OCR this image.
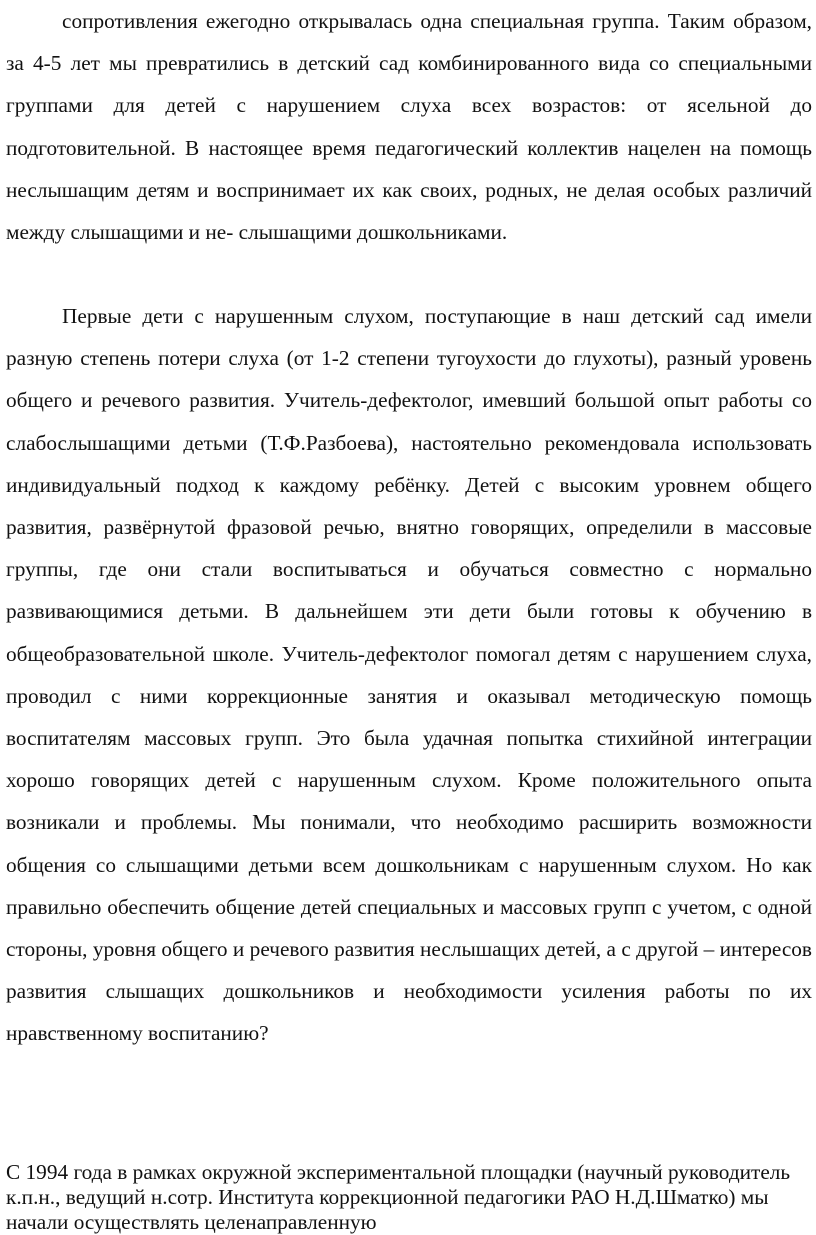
сопротивления ежегодно открывалась одна специальная группа. Таким образом, за 4-5 лет мы превратились в детский сад комбинированного вида со специальными группами для детей с нарушением слуха всех возрастов: от ясельной до подготовительной. В настоящее время педагогический коллектив нацелен на помощь неслышащим детям и воспринимает их как своих, родных, не делая особых различий между слышащими и не- слышащими дошкольниками.

Первые дети с нарушенным слухом, поступающие в наш детский сад имели разную степень потери слуха (от 1-2 степени тугоухости до глухоты), разный уровень общего и речевого развития. Учитель-дефектолог, имевший большой опыт работы со слабослышащими детьми (Т.Ф.Разбоева), настоятельно рекомендовала использовать индивидуальный подход к каждому ребёнку. Детей с высоким уровнем общего развития, развёрнутой фразовой речью, внятно говорящих, определили в массовые группы, где они стали воспитываться и обучаться совместно с нормально развивающимися детьми. В дальнейшем эти дети были готовы к обучению в общеобразовательной школе. Учитель-дефектолог помогал детям с нарушением слуха, проводил с ними коррекционные занятия и оказывал методическую помощь воспитателям массовых групп. Это была удачная попытка стихийной интеграции хорошо говорящих детей с нарушенным слухом. Кроме положительного опыта возникали и проблемы. Мы понимали, что необходимо расширить возможности общения со слышащими детьми всем дошкольникам с нарушенным слухом. Но как правильно обеспечить общение детей специальных и массовых групп с учетом, с одной стороны, уровня общего и речевого развития неслышащих детей, а с другой – интересов развития слышащих дошкольников и необходимости усиления работы по их нравственному воспитанию?

С 1994 года в рамках окружной экспериментальной площадки (научный руководитель к.п.н., ведущий н.сотр. Института коррекционной педагогики РАО Н.Д.Шматко) мы начали осуществлять целенаправленную
